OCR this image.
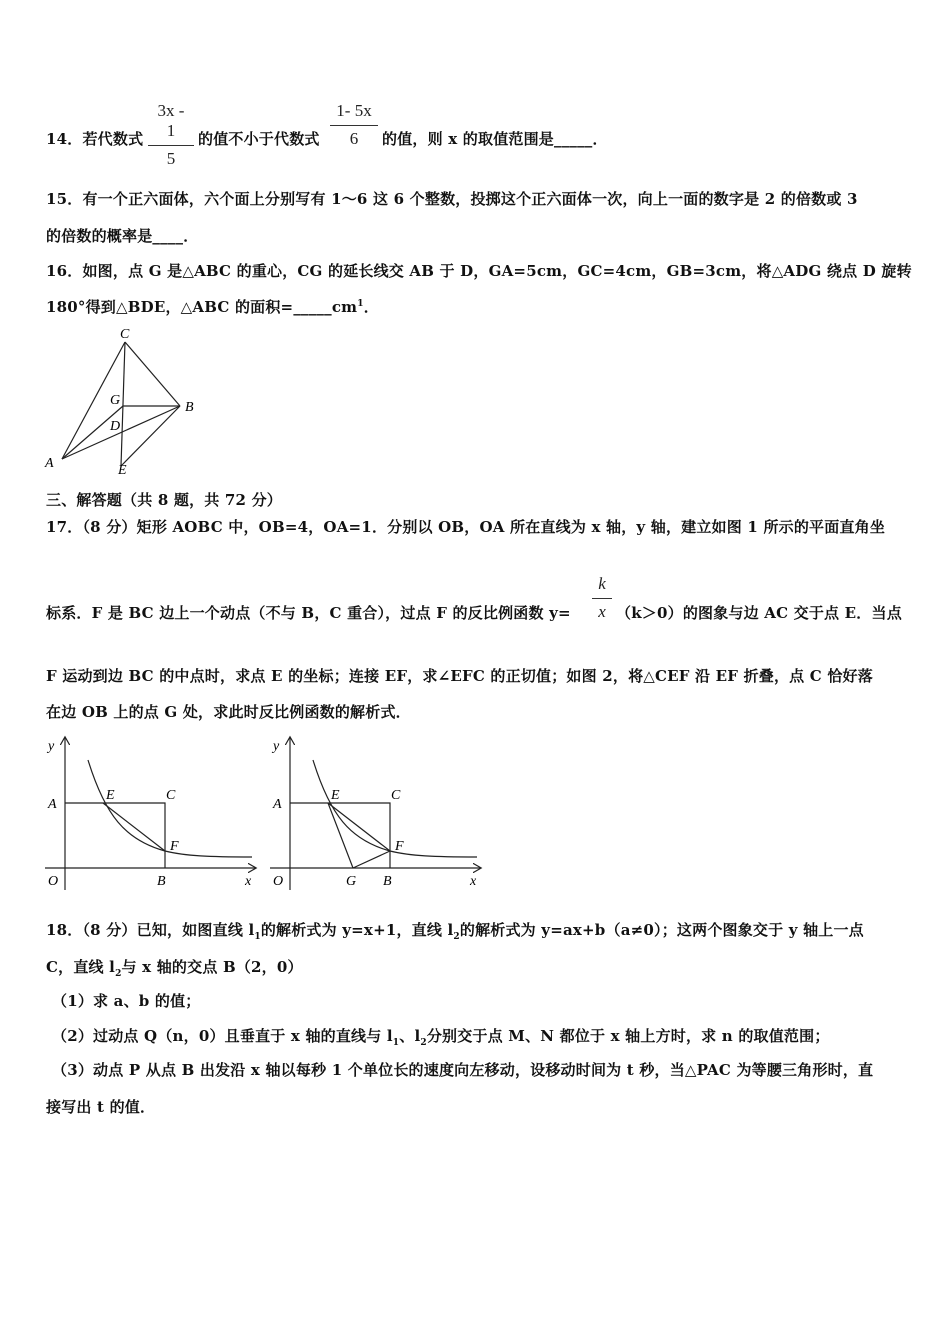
14．若代数式
3x - 1
5
的值不小于代数式
1- 5x
6	的值，则 x 的取值范围是_____．
15．有一个正六面体，六个面上分别写有 1～6 这 6 个整数，投掷这个正六面体一次，向上一面的数字是 2 的倍数或 3
的倍数的概率是____．
16．如图，点 G 是△ABC 的重心，CG 的延长线交 AB 于 D，GA=5cm，GC=4cm，GB=3cm，将△ADG 绕点 D 旋转
180°得到△BDE，△ABC 的面积$=\_\_\_\_\_cm^1$．
C
G	B
D
A	E
三、解答题（共 8 题，共 72 分）
17．（8 分）矩形 AOBC 中，OB=4，OA=1．分别以 OB，OA 所在直线为 x 轴，y 轴，建立如图 1 所示的平面直角坐
标系．F 是 BC 边上一个动点（不与 B，C 重合），过点 F 的反比例函数 y=
k
x （k＞0）的图象与边 AC 交于点 E．当点
F 运动到边 BC 的中点时，求点 E 的坐标；连接 EF，求∠EFC 的正切值；如图 2，将△CEF 沿 EF 折叠，点 C 恰好落
在边 OB 上的点 G 处，求此时反比例函数的解析式．
y
A
E	C
F
O	B	x
y
A
E	C
F
O	G B	x
18．（8 分）已知，如图直线 $l_1$的解析式为 y=x+1，直线 $l_2$的解析式为 y=ax+b（a≠0）；这两个图象交于 y 轴上一点
C，直线 $l_2$与 x 轴的交点 B（2，0）
（1）求 a、b 的值；
（2）过动点 Q（n，0）且垂直于 x 轴的直线与 $l_1$、$l_2$分别交于点 M、N 都位于 x 轴上方时，求 n 的取值范围；
（3）动点 P 从点 B 出发沿 x 轴以每秒 1 个单位长的速度向左移动，设移动时间为 t 秒，当△PAC 为等腰三角形时，直
接写出 t 的值．
